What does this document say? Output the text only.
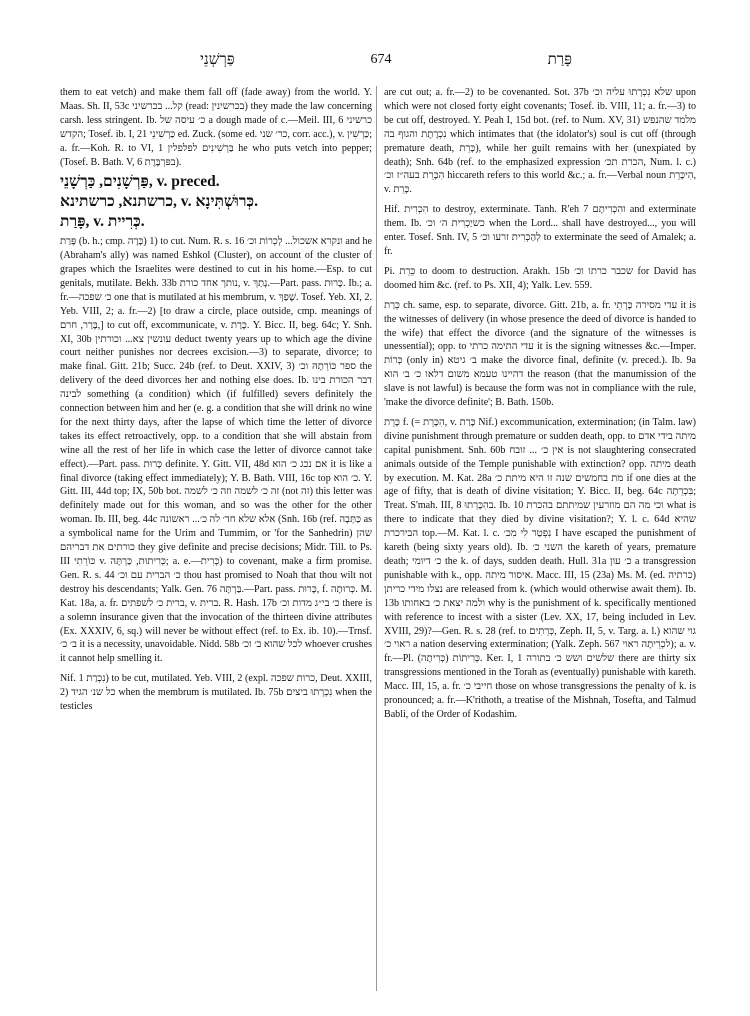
פַּרְשְׁנֵי	674	פָּרַת

them to eat vetch) and make them fall off (fade away) from the world. Y. Maas. Sh. II, 53c קל... בכרשיני (read: בכרשינין) they made the law concerning carsh. less stringent. Ib. כ׳ עיסה של a dough made of c.—Meil. III, 6 כרשיני הקדש; Tosef. ib. I, 21 כַּרְשִׁינֵי ed. Zuck. (some ed. כר׳ שני, corr. acc.), v. כַּרְשִׁין; a. fr.—Koh. R. to VI, 1 בַּרְשִׁינִים לפלפלין he who puts vetch into pepper; (Tosef. B. Bath. V, 6 בפּרְבֶּרֶת).

פַּרְשָׁנִים, כַּרְשָׁנֵי, v. preced.

כרשתנא, כרשתינא, v. כְּרוּשְׁתִּינָא.

פָּרַת, v. כְּרִיית.

פָּרַת (b. h.; cmp. כָּרָה) 1) to cut. Num. R. s. 16 ונקרא אשכול... לְכְרוֹת וכ׳ and he (Abraham's ally) was named Eshkol (Cluster), on account of the cluster of grapes which the Israelites were destined to cut in his home.—Esp. to cut genitals, mutilate. Bekh. 33b נותך אחד כורת, v. נָתַךְ.—Part. pass. כָּרוּת. Ib.; a. fr.—כ׳ שפכה one that is mutilated at his membrum, v. שָׁפַךְ. Tosef. Yeb. XI, 2. Yeb. VIII, 2; a. fr.—2) [to draw a circle, place outside, cmp. meanings of בָּרַר, חרם,] to cut off, excommunicate, v. כָּרַת. Y. Bicc. II, beg. 64c; Y. Snh. XI, 30b עונשין צא... וכורתין deduct twenty years up to which age the divine court neither punishes nor decrees excision.—3) to separate, divorce; to make final. Gitt. 21b; Succ. 24b (ref. to Deut. XXIV, 3) ספר כּוֹרְתָהּ וכ׳ the delivery of the deed divorces her and nothing else does. Ib. דבר הכורת בינו לבינה something (a condition) which (if fulfilled) severs definitely the connection between him and her (e. g. a condition that she will drink no wine for the next thirty days, after the lapse of which time the letter of divorce takes its effect retroactively, opp. to a condition that she will abstain from wine all the rest of her life in which case the letter of divorce cannot take effect).—Part. pass. כָּרוּת definite. Y. Gitt. VII, 48d אם נכג כ׳ הוא it is like a final divorce (taking effect immediately); Y. B. Bath. VIII, 16c top כ׳ הוא. Y. Gitt. III, 44d top; IX, 50b bot. זה כ׳ לשמה וזה כ׳ לשמה (not זה) this letter was definitely made out for this woman, and so was the other for the other woman. Ib. III, beg. 44c אלא שלא חד׳ לה כ׳... ראשונה (Snh. 16b (ref. כַּתְּבָה as a symbolical name for the Urim and Tummim, or 'for the Sanhedrin) שהן כורתים את דבריהם they give definite and precise decisions; Midr. Till. to Ps. III כּוֹרֵתִי v. כְּרִיתוּת, כַּרְתָּה; a. e.—כְּרִית) to covenant, make a firm promise. Gen. R. s. 44 כ׳ הברית עם וכ׳ thou hast promised to Noah that thou wilt not destroy his descendants; Yalk. Gen. 76 בַּרְתָּה.—Part. pass. כָּרוּת, f. כְּרוּתָה. M. Kat. 18a, a. fr. ברית כ׳ לשפתים, v. ברית. R. Hash. 17b כ׳ בי״ג מדות וכ׳ there is a solemn insurance given that the invocation of the thirteen divine attributes (Ex. XXXIV, 6, sq.) will never be without effect (ref. to Ex. ib. 10).—Trnsf. ב׳ כ׳ it is a necessity, unavoidable. Nidd. 58b לכל שהוא ב׳ וכ׳ whoever crushes it cannot help smelling it.

Nif. נִכְרַת 1) to be cut, mutilated. Yeb. VIII, 2 (expl. כרות שפכה, Deut. XXIII, 2) כל שנ׳ הגיד when the membrum is mutilated. Ib. 75b נִכְרְתוּ ביצים when the testicles

are cut out; a. fr.—2) to be covenanted. Sot. 37b שלא נִכְרְתוּ עליה וכ׳ upon which were not closed forty eight covenants; Tosef. ib. VIII, 11; a. fr.—3) to be cut off, destroyed. Y. Peah I, 15d bot. (ref. to Num. XV, 31) מלמד שהנפש נִכְרֶתֶת והגוף בה which intimates that (the idolator's) soul is cut off (through premature death, כָּרֵת), while her guilt remains with her (unexpiated by death); Snh. 64b (ref. to the emphasized expression הכרת תכ׳, Num. l. c.) הִכָּרֵת בעה״ז וכ׳ hiccareth refers to this world &c.; a. fr.—Verbal noun הִיכָּרֵת, v. כָּרֵת.

Hif. הִכְרִית to destroy, exterminate. Tanh. R'eh 7 והִכְרִיתָם and exterminate them. Ib. כשיַכְרִית ה׳ וכ׳ when the Lord... shall have destroyed..., you will enter. Tosef. Snh. IV, 5 לְהַכְרִית זרעו וכ׳ to exterminate the seed of Amalek; a. fr.

Pi. כֵּרֵת to doom to destruction. Arakh. 15b שכבר כרתו וכ׳ for David has doomed him &c. (ref. to Ps. XII, 4); Yalk. Lev. 559.

כְּרַת ch. same, esp. to separate, divorce. Gitt. 21b, a. fr. עדי מסירה כָּרְתֵי it is the witnesses of delivery (in whose presence the deed of divorce is handed to the wife) that effect the divorce (and the signature of the witnesses is unessential); opp. to עדי התימה כרתי it is the signing witnesses &c.—Imper. כְּרוֹת (only in) ב׳ גיטא make the divorce final, definite (v. preced.). Ib. 9a דהיינו טעמא משום דלאו כ׳ ב׳ הוא the reason (that the manumission of the slave is not lawful) is because the form was not in compliance with the rule, 'make the divorce definite'; B. Bath. 150b.

כָּרֵת f. (= הִכָּרֵת, v. כָּרַת Nif.) excommunication, extermination; (in Talm. law) divine punishment through premature or sudden death, opp. to מיתה בידי אדם capital punishment. Snh. 60b אין כ׳ ... זובח is not slaughtering consecrated animals outside of the Temple punishable with extinction? opp. מיתה death by execution. M. Kat. 28a מת בחמשים שנה זו היא מיתת כ׳ if one dies at the age of fifty, that is death of divine visitation; Y. Bicc. II, beg. 64c בִּכְרֵתָה; Treat. S'mah. III, 8 בהִכָּרְתוּ. Ib. 10 וכי מה הם מוזרעין שמיתתם בהכרת what is there to indicate that they died by divine visitation?; Y. l. c. 64d שהיא הבירכרת top.—M. Kat. l. c. נִפְטַר לִי מִכ׳ I have escaped the punishment of kareth (being sixty years old). Ib. השני כ׳ the kareth of years, premature death; כ׳ דיומי the k. of days, sudden death. Hull. 31a כ׳ עון a transgression punishable with k., opp. איסור מיתה. Macc. III, 15 (23a) Ms. M. (ed. כרתיה) נצלו מידי כריתן are released from k. (which would otherwise await them). Ib. 13b ולמה יצאת כ׳ באחותו why is the punishment of k. specifically mentioned with reference to incest with a sister (Lev. XX, 17, being included in Lev. XVIII, 29)?—Gen. R. s. 28 (ref. to כְּרֵתִים, Zeph. II, 5, v. Targ. a. l.) גוי שהוא ראוי כ׳ a nation deserving extermination; (Yalk. Zeph. 567 לכְרֵיתָה ראוי); a. v. fr.—Pl. כְּרִיתוֹת (כְּרִיתָה). Ker. I, 1 שלשים ושש כ׳ בתורה there are thirty six transgressions mentioned in the Torah as (eventually) punishable with kareth. Macc. III, 15, a. fr. חייבי כ׳ those on whose transgressions the penalty of k. is pronounced; a. fr.—K'rithoth, a treatise of the Mishnah, Tosefta, and Talmud Babli, of the Order of Kodashim.
